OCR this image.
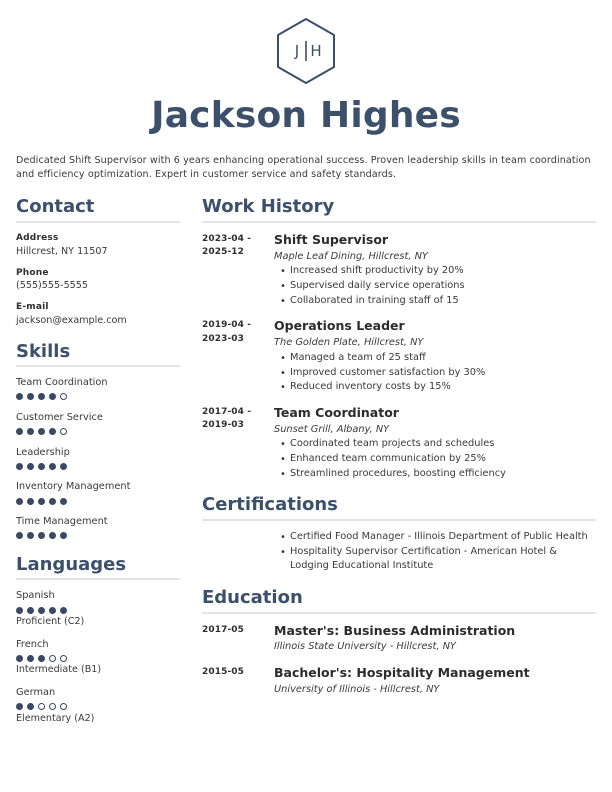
J H
Jackson Highes
Dedicated Shift Supervisor with 6 years enhancing operational success. Proven leadership skills in team coordination and efficiency optimization. Expert in customer service and safety standards.
Contact
Address
Hillcrest, NY 11507
Phone
(555)555-5555
E-mail
jackson@example.com
Skills
Team Coordination
Customer Service
Leadership
Inventory Management
Time Management
Languages
Spanish
Proficient (C2)
French
Intermediate (B1)
German
Elementary (A2)
Work History
2023-04 - 2025-12
Shift Supervisor
Maple Leaf Dining, Hillcrest, NY
• Increased shift productivity by 20%
• Supervised daily service operations
• Collaborated in training staff of 15
2019-04 - 2023-03
Operations Leader
The Golden Plate, Hillcrest, NY
• Managed a team of 25 staff
• Improved customer satisfaction by 30%
• Reduced inventory costs by 15%
2017-04 - 2019-03
Team Coordinator
Sunset Grill, Albany, NY
• Coordinated team projects and schedules
• Enhanced team communication by 25%
• Streamlined procedures, boosting efficiency
Certifications
• Certified Food Manager - Illinois Department of Public Health
• Hospitality Supervisor Certification - American Hotel & Lodging Educational Institute
Education
2017-05	Master's: Business Administration
Illinois State University - Hillcrest, NY
2015-05	Bachelor's: Hospitality Management
University of Illinois - Hillcrest, NY
